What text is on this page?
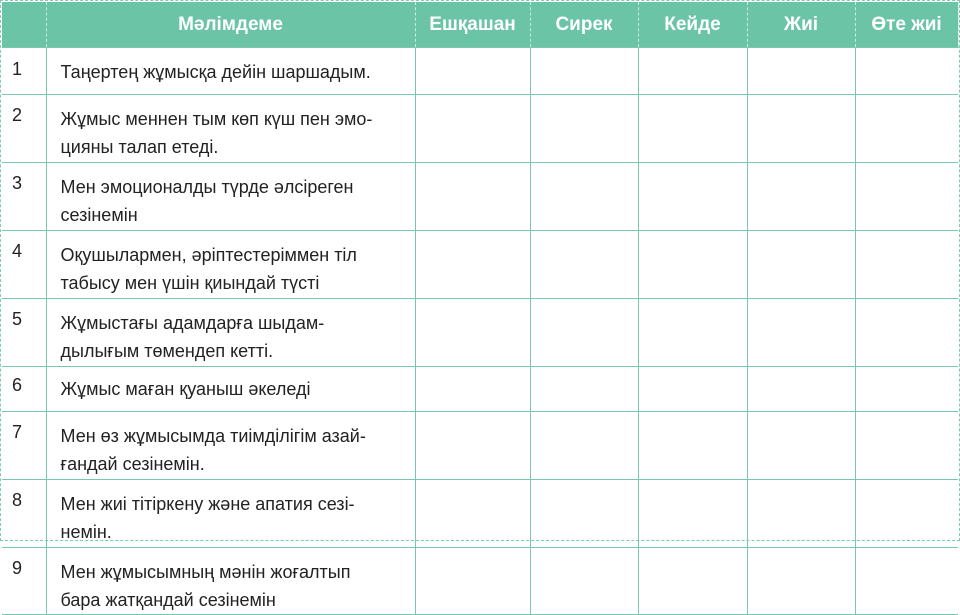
	Мәлімдеме	Ешқашан	Сирек	Кейде	Жиі	Өте жиі
1	Таңертең жұмысқа дейін шаршадым.					
2	Жұмыс меннен тым көп күш пен эмо-
цияны талап етеді.					
3	Мен эмоционалды түрде әлсіреген
сезінемін					
4	Оқушылармен, әріптестеріммен тіл
табысу мен үшін қиындай түсті					
5	Жұмыстағы адамдарға шыдам-
дылығым төмендеп кетті.					
6	Жұмыс маған қуаныш әкеледі					
7	Мен өз жұмысымда тиімділігім азай-
ғандай сезінемін.					
8	Мен жиі тітіркену және апатия сезі-
немін.					
9	Мен жұмысымның мәнін жоғалтып
бара жатқандай сезінемін					
